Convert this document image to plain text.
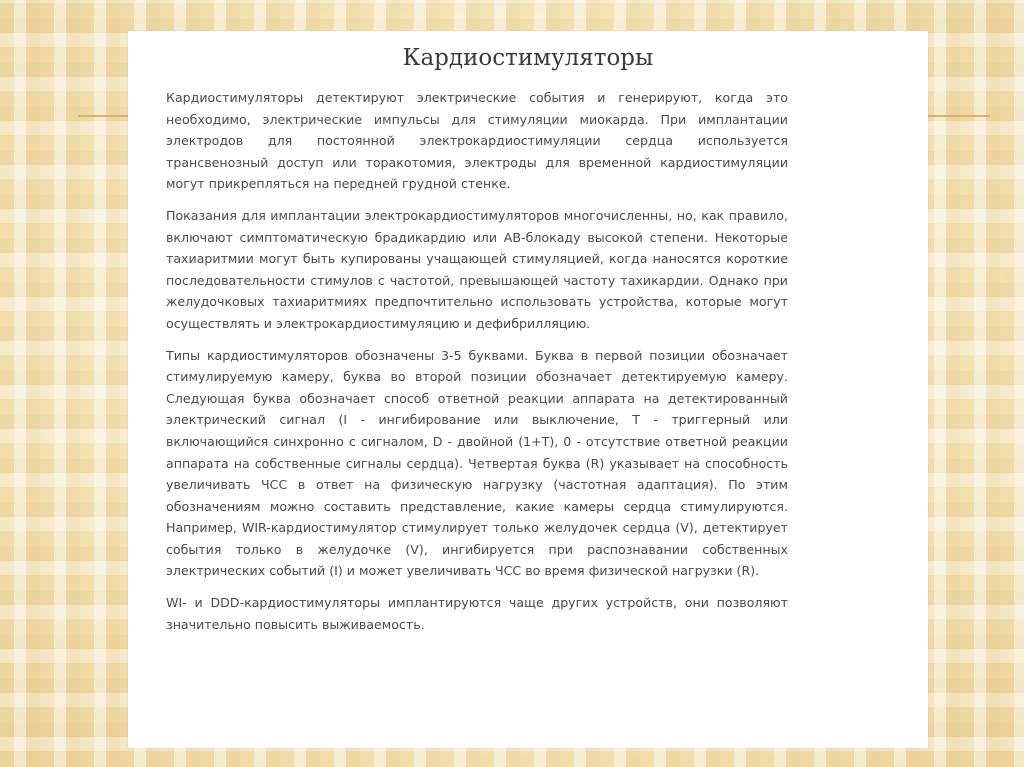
Кардиостимуляторы

Кардиостимуляторы детектируют электрические события и генерируют, когда это необходимо, электрические импульсы для стимуляции миокарда. При имплантации электродов для постоянной электрокардиостимуляции сердца используется трансвенозный доступ или торакотомия, электроды для временной кардиостимуляции могут прикрепляться на передней грудной стенке.

Показания для имплантации электрокардиостимуляторов многочисленны, но, как правило, включают симптоматическую брадикардию или АВ-блокаду высокой степени. Некоторые тахиаритмии могут быть купированы учащающей стимуляцией, когда наносятся короткие последовательности стимулов с частотой, превышающей частоту тахикардии. Однако при желудочковых тахиаритмиях предпочтительно использовать устройства, которые могут осуществлять и электрокардиостимуляцию и дефибрилляцию.

Типы кардиостимуляторов обозначены 3-5 буквами. Буква в первой позиции обозначает стимулируемую камеру, буква во второй позиции обозначает детектируемую камеру. Следующая буква обозначает способ ответной реакции аппарата на детектированный электрический сигнал (I - ингибирование или выключение, Т - триггерный или включающийся синхронно с сигналом, D - двойной (1+Т), 0 - отсутствие ответной реакции аппарата на собственные сигналы сердца). Четвертая буква (R) указывает на способность увеличивать ЧСС в ответ на физическую нагрузку (частотная адаптация). По этим обозначениям можно составить представление, какие камеры сердца стимулируются. Например, WIR-кардиостимулятор стимулирует только желудочек сердца (V), детектирует события только в желудочке (V), ингибируется при распознавании собственных электрических событий (I) и может увеличивать ЧСС во время физической нагрузки (R).

WI- и DDD-кардиостимуляторы имплантируются чаще других устройств, они позволяют значительно повысить выживаемость.
